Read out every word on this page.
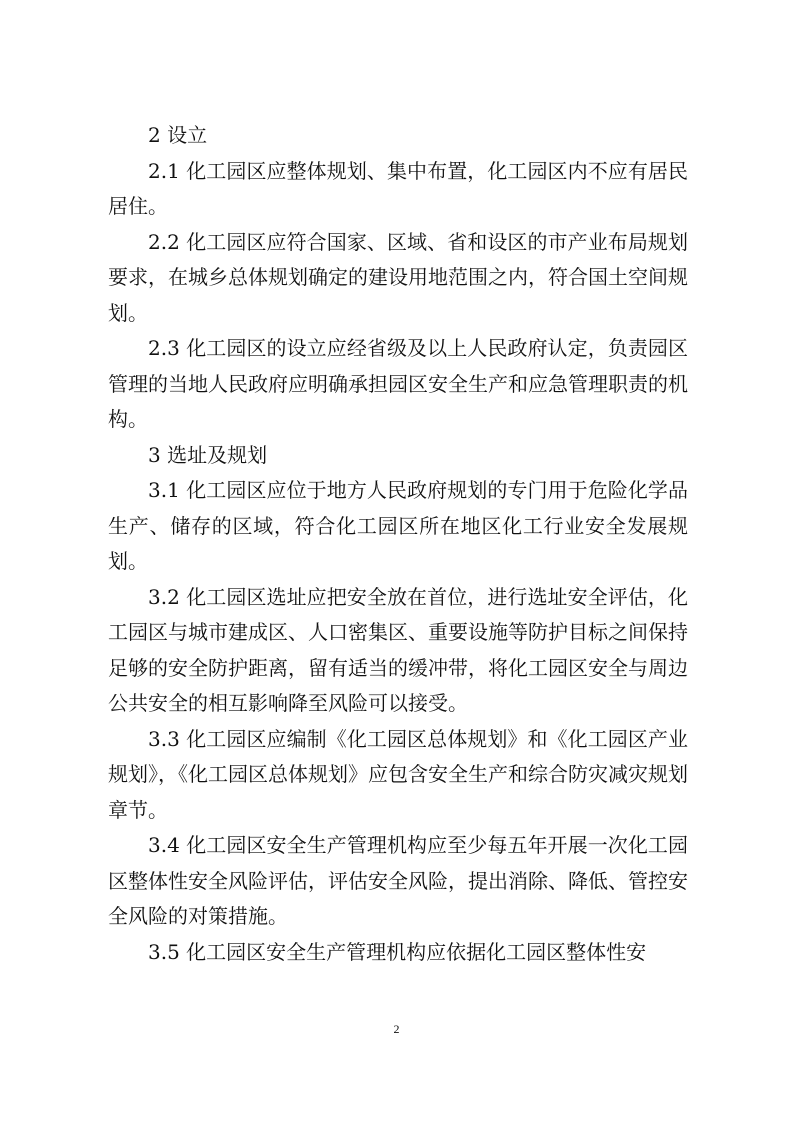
2 设立

2.1 化工园区应整体规划、集中布置，化工园区内不应有居民居住。

2.2 化工园区应符合国家、区域、省和设区的市产业布局规划要求，在城乡总体规划确定的建设用地范围之内，符合国土空间规划。

2.3 化工园区的设立应经省级及以上人民政府认定，负责园区管理的当地人民政府应明确承担园区安全生产和应急管理职责的机构。

3 选址及规划

3.1 化工园区应位于地方人民政府规划的专门用于危险化学品生产、储存的区域，符合化工园区所在地区化工行业安全发展规划。

3.2 化工园区选址应把安全放在首位，进行选址安全评估，化工园区与城市建成区、人口密集区、重要设施等防护目标之间保持足够的安全防护距离，留有适当的缓冲带，将化工园区安全与周边公共安全的相互影响降至风险可以接受。

3.3 化工园区应编制《化工园区总体规划》和《化工园区产业规划》，《化工园区总体规划》应包含安全生产和综合防灾减灾规划章节。

3.4 化工园区安全生产管理机构应至少每五年开展一次化工园区整体性安全风险评估，评估安全风险，提出消除、降低、管控安全风险的对策措施。

3.5 化工园区安全生产管理机构应依据化工园区整体性安

2
